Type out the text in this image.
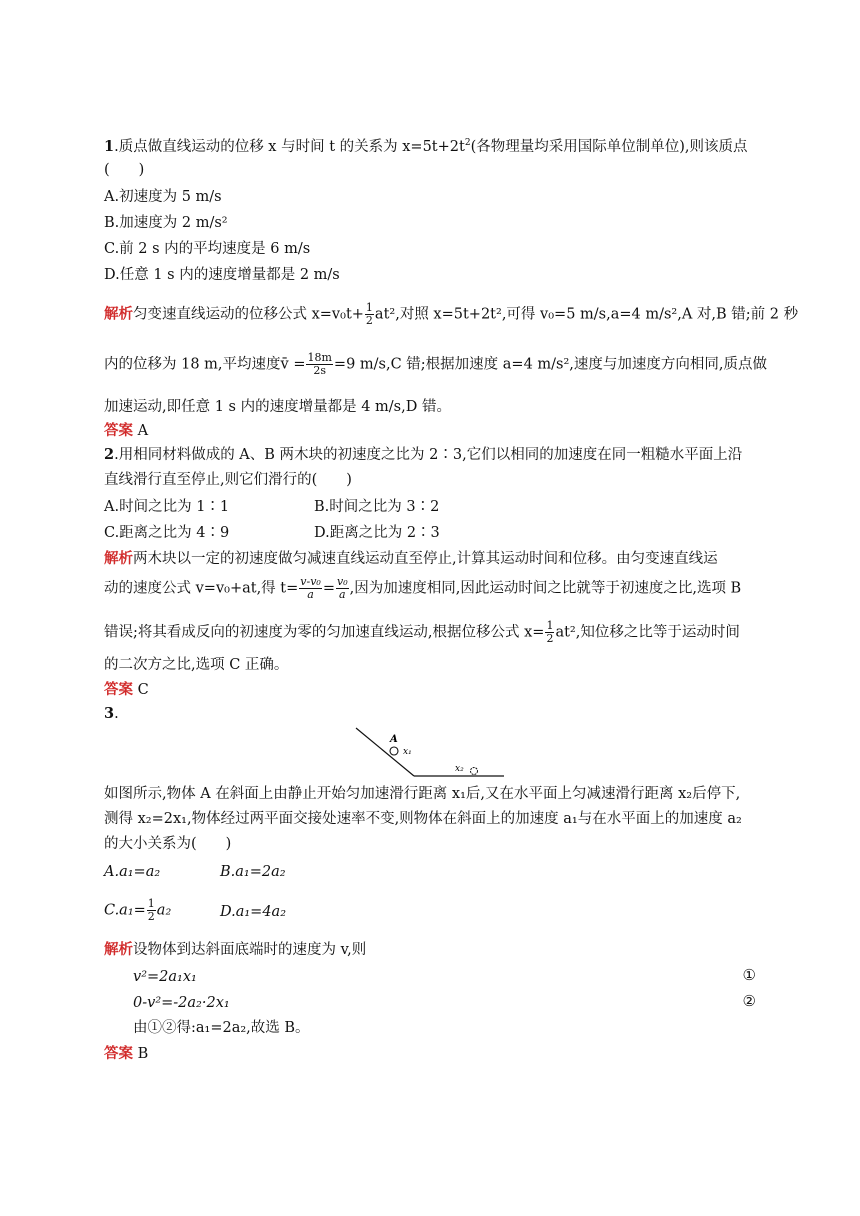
1.质点做直线运动的位移 x 与时间 t 的关系为 $x=5t+2t^2$(各物理量均采用国际单位制单位),则该质点
(　　)
A.初速度为 5 m/s
B.加速度为 2 m/s²
C.前 2 s 内的平均速度是 6 m/s
D.任意 1 s 内的速度增量都是 2 m/s
解析匀变速直线运动的位移公式 $x=v_0t+ \frac{1}{2} at^2$,对照 x=5t+2t²,可得 v₀=5 m/s,a=4 m/s²,A 对,B 错;前 2 秒
内的位移为 18 m,平均速度v̄ = $\frac{18m}{2s} =9$ m/s,C 错;根据加速度 a=4 m/s²,速度与加速度方向相同,质点做
加速运动,即任意 1 s 内的速度增量都是 4 m/s,D 错。
答案 A
2.用相同材料做成的 A、B 两木块的初速度之比为 2∶3,它们以相同的加速度在同一粗糙水平面上沿
直线滑行直至停止,则它们滑行的(　　)
A.时间之比为 1∶1	B.时间之比为 3∶2
C.距离之比为 4∶9	D.距离之比为 2∶3
解析两木块以一定的初速度做匀减速直线运动直至停止,计算其运动时间和位移。由匀变速直线运
动的速度公式 v=v₀+at,得 $t= \frac{\text{v-v₀}}{a} = \frac{\text{v₀}}{a}$ ,因为加速度相同,因此运动时间之比就等于初速度之比,选项 B
错误;将其看成反向的初速度为零的匀加速直线运动,根据位移公式 $x= \frac{1}{2} at^2$,知位移之比等于运动时间
的二次方之比,选项 C 正确。
答案 C
3.
A
x₁
x₂
如图所示,物体 A 在斜面上由静止开始匀加速滑行距离 x₁后,又在水平面上匀减速滑行距离 x₂后停下,
测得 x₂=2x₁,物体经过两平面交接处速率不变,则物体在斜面上的加速度 a₁与在水平面上的加速度 a₂
的大小关系为(　　)
A.a₁=a₂	B.a₁=2a₂
$C.a_1= \frac{1}{2} a_2$	D.a₁=4a₂
解析设物体到达斜面底端时的速度为 v,则
v²=2a₁x₁	①
0-v²=-2a₂·2x₁	②
由①②得:a₁=2a₂,故选 B。
答案 B
